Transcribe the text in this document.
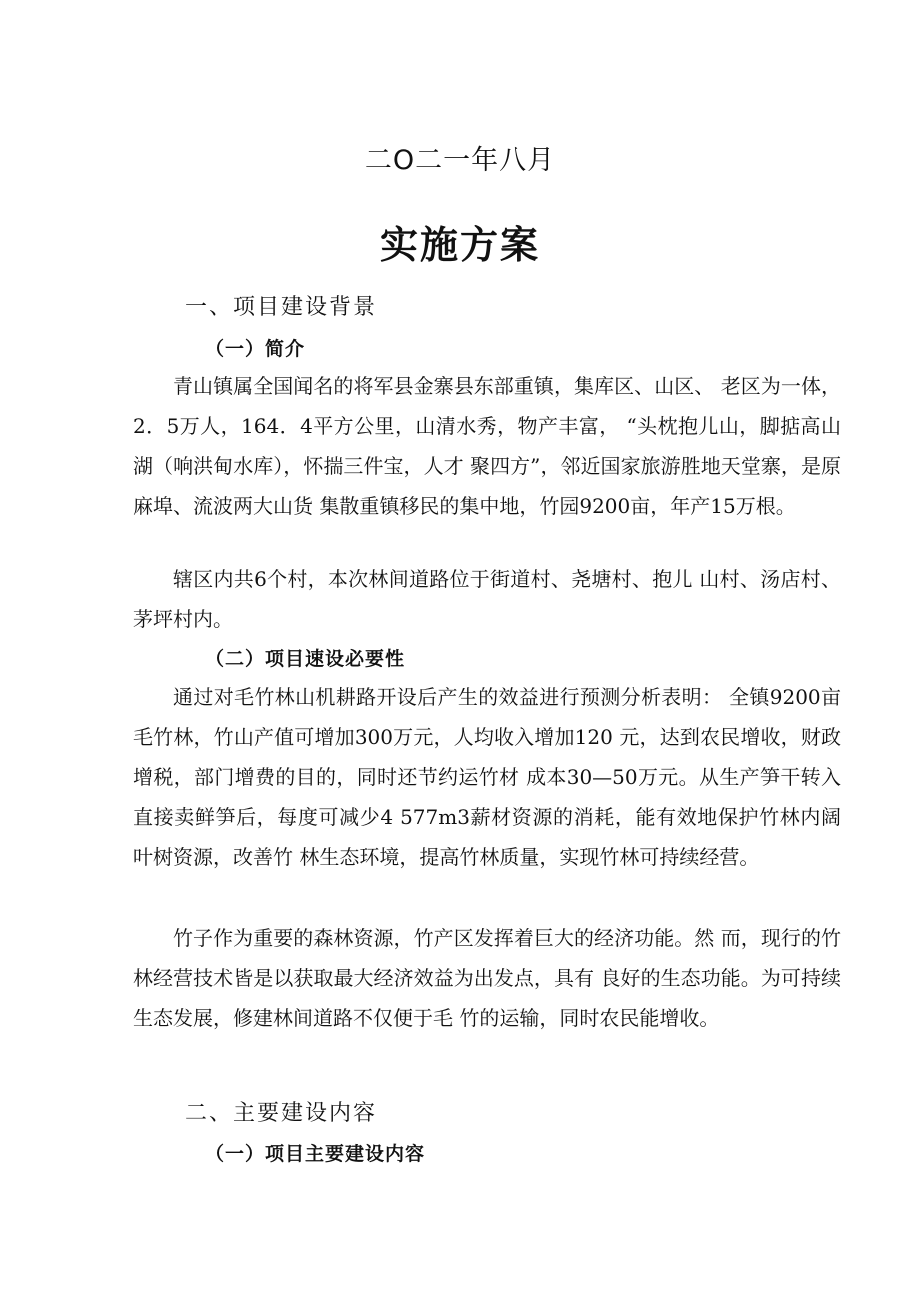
二O二一年八月
实施方案
一、项目建设背景
（一）简介

青山镇属全国闻名的将军县金寨县东部重镇，集库区、山区、 老区为一体，2．5万人，164．4平方公里，山清水秀，物产丰富， “头枕抱儿山，脚掂高山湖（响洪甸水库），怀揣三件宝，人才 聚四方”，邻近国家旅游胜地天堂寨，是原麻埠、流波两大山货 集散重镇移民的集中地，竹园9200亩，年产15万根。

辖区内共6个村，本次林间道路位于街道村、尧塘村、抱儿 山村、汤店村、茅坪村内。

（二）项目速设必要性

通过对毛竹林山机耕路开设后产生的效益进行预测分析表明： 全镇9200亩毛竹林，竹山产值可增加300万元，人均收入增加120 元，达到农民增收，财政增税，部门增费的目的，同时还节约运竹材 成本30—50万元。从生产笋干转入直接卖鲜笋后，每度可减少4 577m3薪材资源的消耗，能有效地保护竹林内阔叶树资源，改善竹 林生态环境，提高竹林质量，实现竹林可持续经营。

竹子作为重要的森林资源，竹产区发挥着巨大的经济功能。然 而，现行的竹林经营技术皆是以获取最大经济效益为出发点，具有 良好的生态功能。为可持续生态发展，修建林间道路不仅便于毛 竹的运输，同时农民能增收。

二、主要建设内容
（一）项目主要建设内容
